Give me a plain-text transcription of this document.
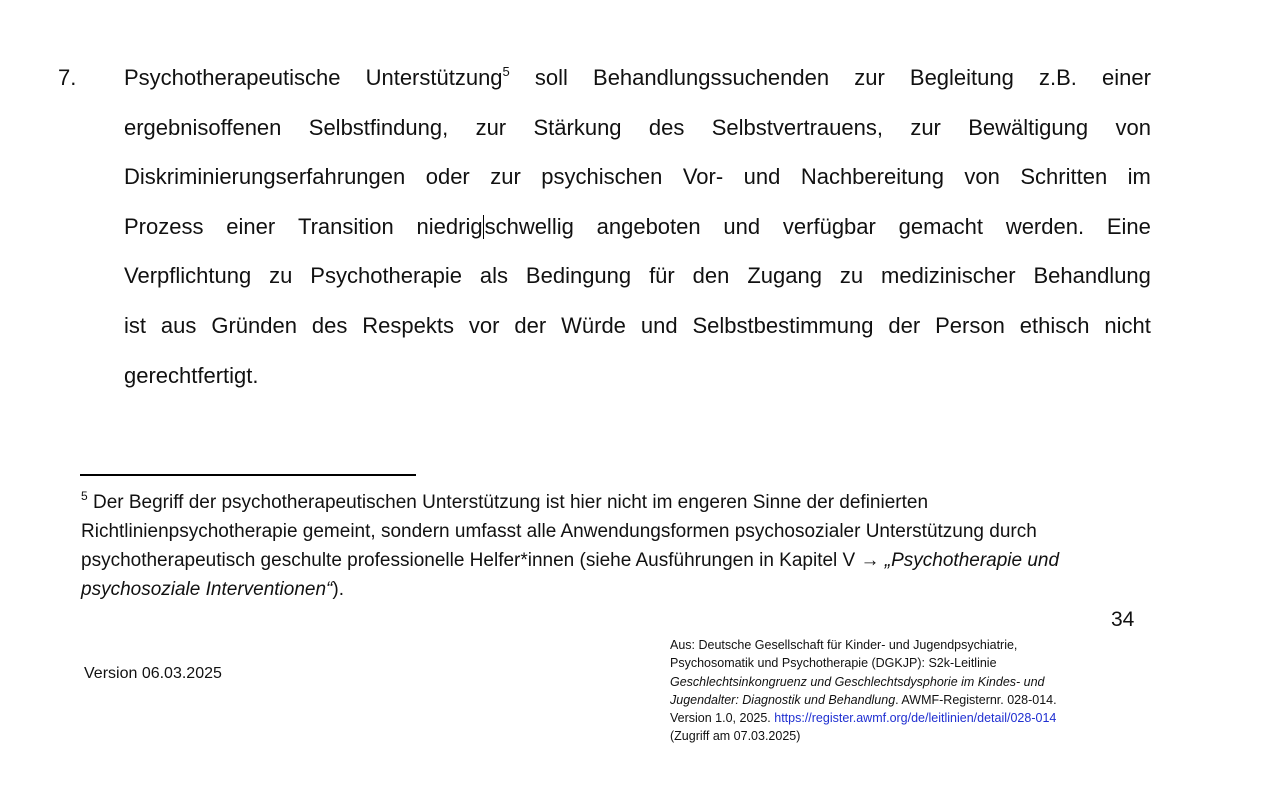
7. Psychotherapeutische Unterstützung$^5$ soll Behandlungssuchenden zur Begleitung z.B. einer
ergebnisoffenen Selbstfindung, zur Stärkung des Selbstvertrauens, zur Bewältigung von
Diskriminierungserfahrungen oder zur psychischen Vor- und Nachbereitung von Schritten im
Prozess einer Transition niedrigschwellig angeboten und verfügbar gemacht werden. Eine
Verpflichtung zu Psychotherapie als Bedingung für den Zugang zu medizinischer Behandlung
ist aus Gründen des Respekts vor der Würde und Selbstbestimmung der Person ethisch nicht
gerechtfertigt.

$^5$ Der Begriff der psychotherapeutischen Unterstützung ist hier nicht im engeren Sinne der definierten Richtlinienpsychotherapie gemeint, sondern umfasst alle Anwendungsformen psychosozialer Unterstützung durch psychotherapeutisch geschulte professionelle Helfer*innen (siehe Ausführungen in Kapitel V → „Psychotherapie und psychosoziale Interventionen“).

34
Version 06.03.2025

Aus: Deutsche Gesellschaft für Kinder- und Jugendpsychiatrie,
Psychosomatik und Psychotherapie (DGKJP): S2k-Leitlinie
Geschlechtsinkongruenz und Geschlechtsdysphorie im Kindes- und
Jugendalter: Diagnostik und Behandlung. AWMF-Registernr. 028-014.
Version 1.0, 2025. https://register.awmf.org/de/leitlinien/detail/028-014
(Zugriff am 07.03.2025)
